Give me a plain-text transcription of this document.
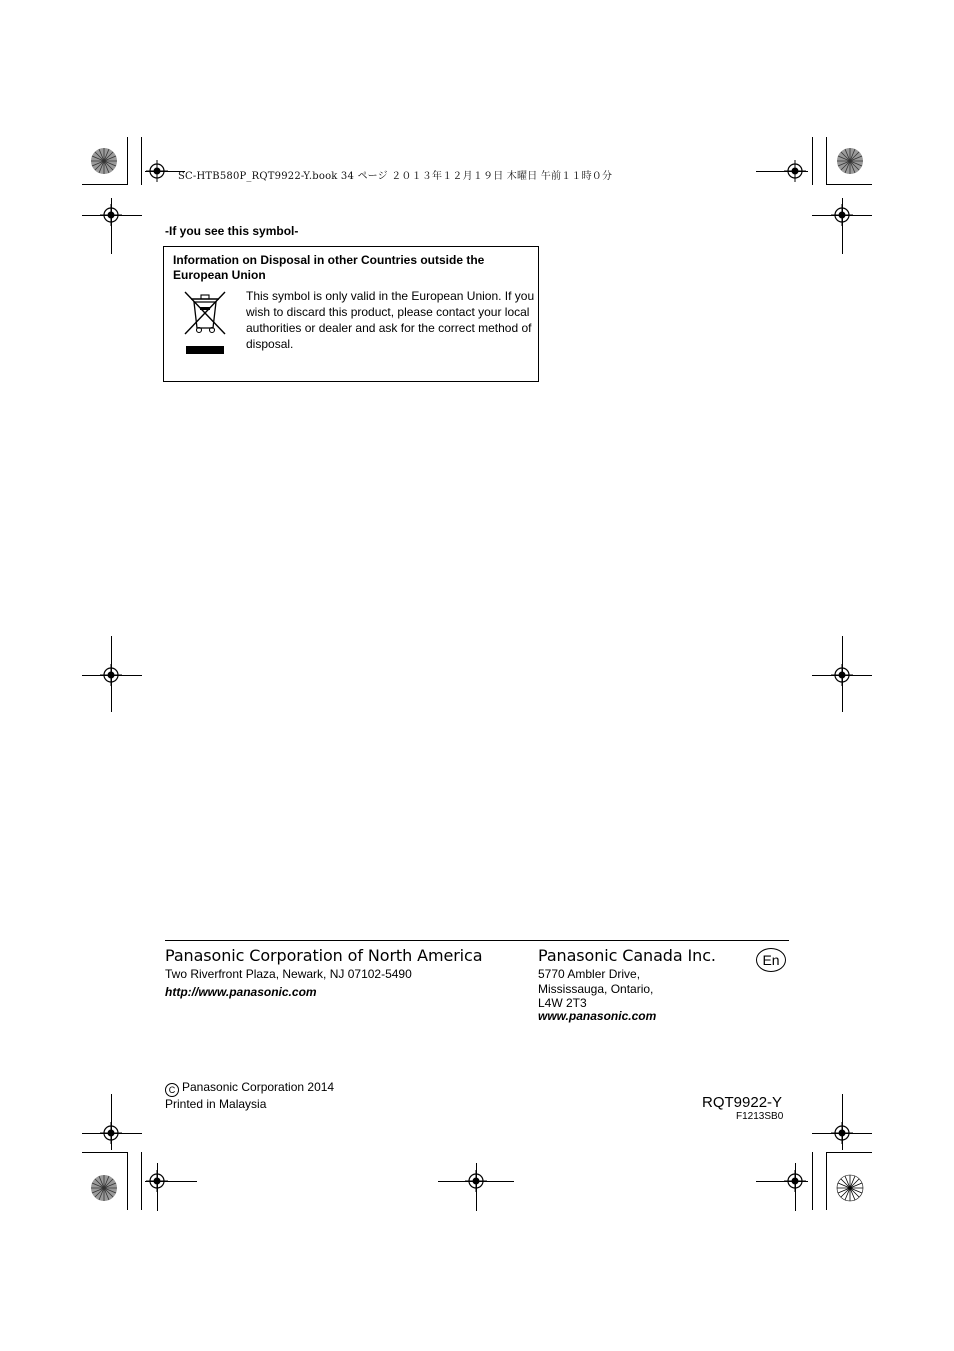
SC-HTB580P_RQT9922-Y.book 34 ページ ２０１３年１２月１９日 木曜日 午前１１時０分
-If you see this symbol-
Information on Disposal in other Countries outside the European Union
This symbol is only valid in the European Union. If you wish to discard this product, please contact your local authorities or dealer and ask for the correct method of disposal.
Panasonic Corporation of North America
Two Riverfront Plaza, Newark, NJ 07102-5490
http://www.panasonic.com
Panasonic Canada Inc.
5770 Ambler Drive,
Mississauga, Ontario,
L4W 2T3
www.panasonic.com
En
C Panasonic Corporation 2014
Printed in Malaysia	RQT9922-Y
F1213SB0
